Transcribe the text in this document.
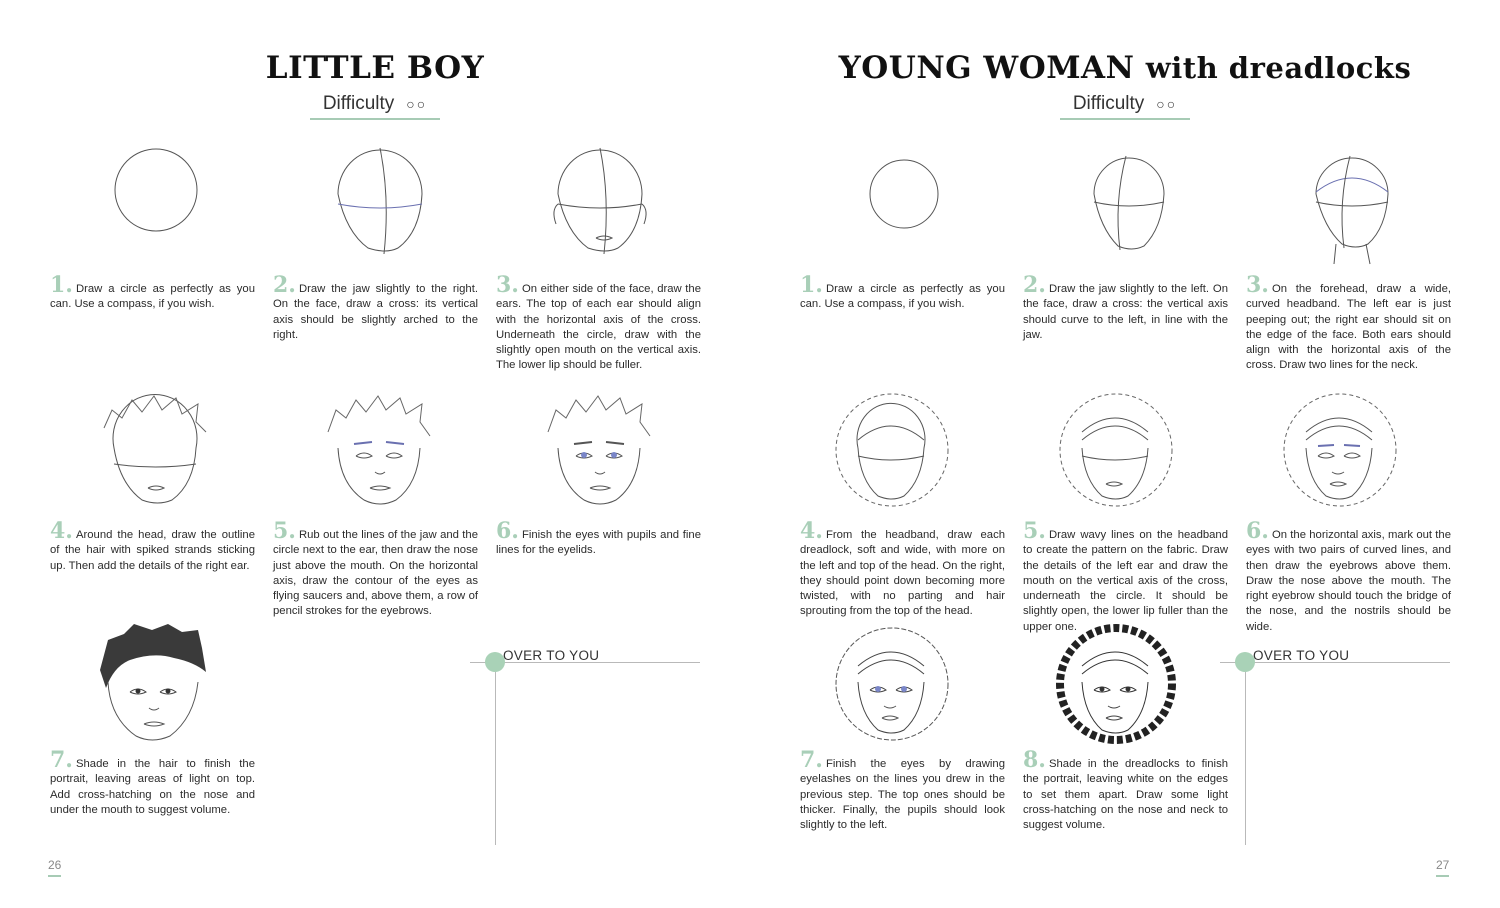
LITTLE BOY
Difficulty ○○
1. Draw a circle as perfectly as you can. Use a compass, if you wish.
2. Draw the jaw slightly to the right. On the face, draw a cross: its vertical axis should be slightly arched to the right.
3. On either side of the face, draw the ears. The top of each ear should align with the horizontal axis of the cross. Underneath the circle, draw with the slightly open mouth on the vertical axis. The lower lip should be fuller.
4. Around the head, draw the outline of the hair with spiked strands sticking up. Then add the details of the right ear.
5. Rub out the lines of the jaw and the circle next to the ear, then draw the nose just above the mouth. On the horizontal axis, draw the contour of the eyes as flying saucers and, above them, a row of pencil strokes for the eyebrows.
6. Finish the eyes with pupils and fine lines for the eyelids.
7. Shade in the hair to finish the portrait, leaving areas of light on top. Add cross-hatching on the nose and under the mouth to suggest volume.
OVER TO YOU
26
YOUNG WOMAN with dreadlocks
Difficulty ○○
1. Draw a circle as perfectly as you can. Use a compass, if you wish.
2. Draw the jaw slightly to the left. On the face, draw a cross: the vertical axis should curve to the left, in line with the jaw.
3. On the forehead, draw a wide, curved headband. The left ear is just peeping out; the right ear should sit on the edge of the face. Both ears should align with the horizontal axis of the cross. Draw two lines for the neck.
4. From the headband, draw each dreadlock, soft and wide, with more on the left and top of the head. On the right, they should point down becoming more twisted, with no parting and hair sprouting from the top of the head.
5. Draw wavy lines on the headband to create the pattern on the fabric. Draw the details of the left ear and draw the mouth on the vertical axis of the cross, underneath the circle. It should be slightly open, the lower lip fuller than the upper one.
6. On the horizontal axis, mark out the eyes with two pairs of curved lines, and then draw the eyebrows above them. Draw the nose above the mouth. The right eyebrow should touch the bridge of the nose, and the nostrils should be wide.
7. Finish the eyes by drawing eyelashes on the lines you drew in the previous step. The top ones should be thicker. Finally, the pupils should look slightly to the left.
8. Shade in the dreadlocks to finish the portrait, leaving white on the edges to set them apart. Draw some light cross-hatching on the nose and neck to suggest volume.
OVER TO YOU
27
